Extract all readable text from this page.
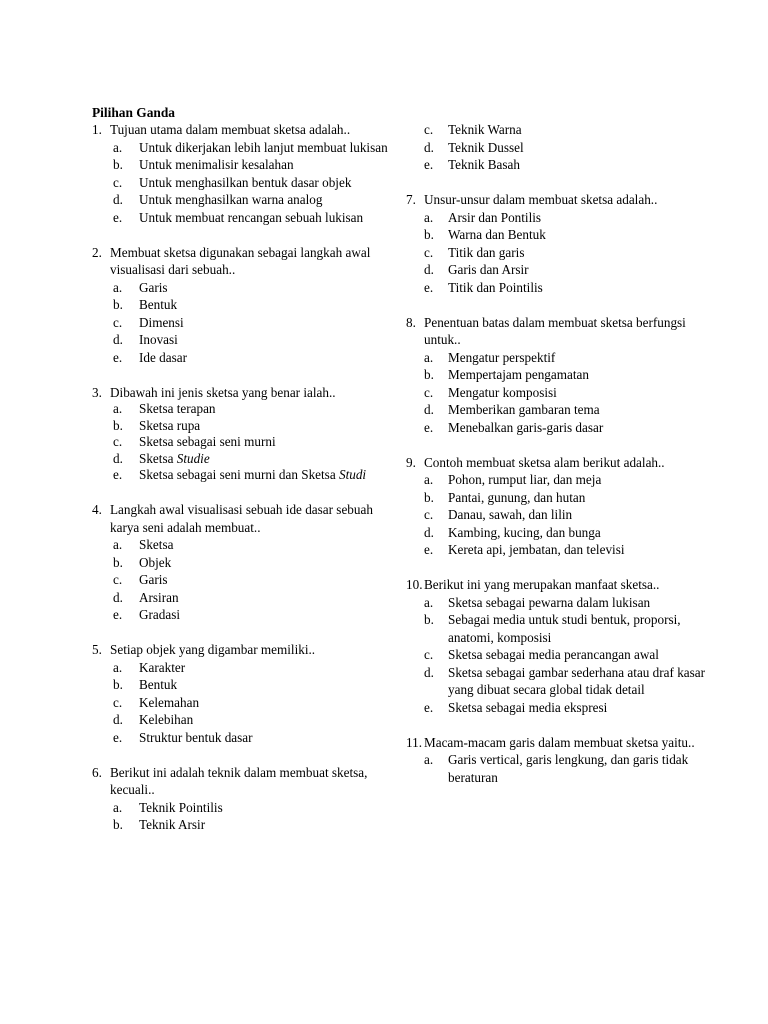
Pilihan Ganda
1. Tujuan utama dalam membuat sketsa adalah..
a. Untuk dikerjakan lebih lanjut membuat lukisan
b. Untuk menimalisir kesalahan
c. Untuk menghasilkan bentuk dasar objek
d. Untuk menghasilkan warna analog
e. Untuk membuat rencangan sebuah lukisan
2. Membuat sketsa digunakan sebagai langkah awal visualisasi dari sebuah..
a. Garis
b. Bentuk
c. Dimensi
d. Inovasi
e. Ide dasar
3. Dibawah ini jenis sketsa yang benar ialah..
a. Sketsa terapan
b. Sketsa rupa
c. Sketsa sebagai seni murni
d. Sketsa Studie
e. Sketsa sebagai seni murni dan Sketsa Studi
4. Langkah awal visualisasi sebuah ide dasar sebuah karya seni adalah membuat..
a. Sketsa
b. Objek
c. Garis
d. Arsiran
e. Gradasi
5. Setiap objek yang digambar memiliki..
a. Karakter
b. Bentuk
c. Kelemahan
d. Kelebihan
e. Struktur bentuk dasar
6. Berikut ini adalah teknik dalam membuat sketsa, kecuali..
a. Teknik Pointilis
b. Teknik Arsir
c. Teknik Warna
d. Teknik Dussel
e. Teknik Basah
7. Unsur-unsur dalam membuat sketsa adalah..
a. Arsir dan Pontilis
b. Warna dan Bentuk
c. Titik dan garis
d. Garis dan Arsir
e. Titik dan Pointilis
8. Penentuan batas dalam membuat sketsa berfungsi untuk..
a. Mengatur perspektif
b. Mempertajam pengamatan
c. Mengatur komposisi
d. Memberikan gambaran tema
e. Menebalkan garis-garis dasar
9. Contoh membuat sketsa alam berikut adalah..
a. Pohon, rumput liar, dan meja
b. Pantai, gunung, dan hutan
c. Danau, sawah, dan lilin
d. Kambing, kucing, dan bunga
e. Kereta api, jembatan, dan televisi
10. Berikut ini yang merupakan manfaat sketsa..
a. Sketsa sebagai pewarna dalam lukisan
b. Sebagai media untuk studi bentuk, proporsi, anatomi, komposisi
c. Sketsa sebagai media perancangan awal
d. Sketsa sebagai gambar sederhana atau draf kasar yang dibuat secara global tidak detail
e. Sketsa sebagai media ekspresi
11. Macam-macam garis dalam membuat sketsa yaitu..
a. Garis vertical, garis lengkung, dan garis tidak beraturan
